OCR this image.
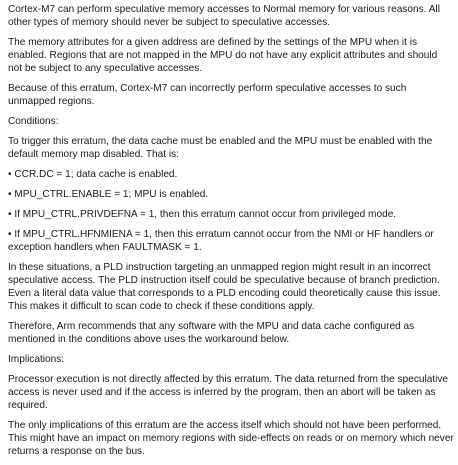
Cortex-M7 can perform speculative memory accesses to Normal memory for various reasons. All other types of memory should never be subject to speculative accesses.

The memory attributes for a given address are defined by the settings of the MPU when it is enabled. Regions that are not mapped in the MPU do not have any explicit attributes and should not be subject to any speculative accesses.

Because of this erratum, Cortex-M7 can incorrectly perform speculative accesses to such unmapped regions.

Conditions:

To trigger this erratum, the data cache must be enabled and the MPU must be enabled with the default memory map disabled. That is:

• CCR.DC = 1; data cache is enabled.

• MPU_CTRL.ENABLE = 1; MPU is enabled.

• If MPU_CTRL.PRIVDEFNA = 1, then this erratum cannot occur from privileged mode.

• If MPU_CTRL.HFNMIENA = 1, then this erratum cannot occur from the NMI or HF handlers or exception handlers when FAULTMASK = 1.

In these situations, a PLD instruction targeting an unmapped region might result in an incorrect speculative access. The PLD instruction itself could be speculative because of branch prediction. Even a literal data value that corresponds to a PLD encoding could theoretically cause this issue. This makes it difficult to scan code to check if these conditions apply.

Therefore, Arm recommends that any software with the MPU and data cache configured as mentioned in the conditions above uses the workaround below.

Implications:

Processor execution is not directly affected by this erratum. The data returned from the speculative access is never used and if the access is inferred by the program, then an abort will be taken as required.

The only implications of this erratum are the access itself which should not have been performed. This might have an impact on memory regions with side-effects on reads or on memory which never returns a response on the bus.
